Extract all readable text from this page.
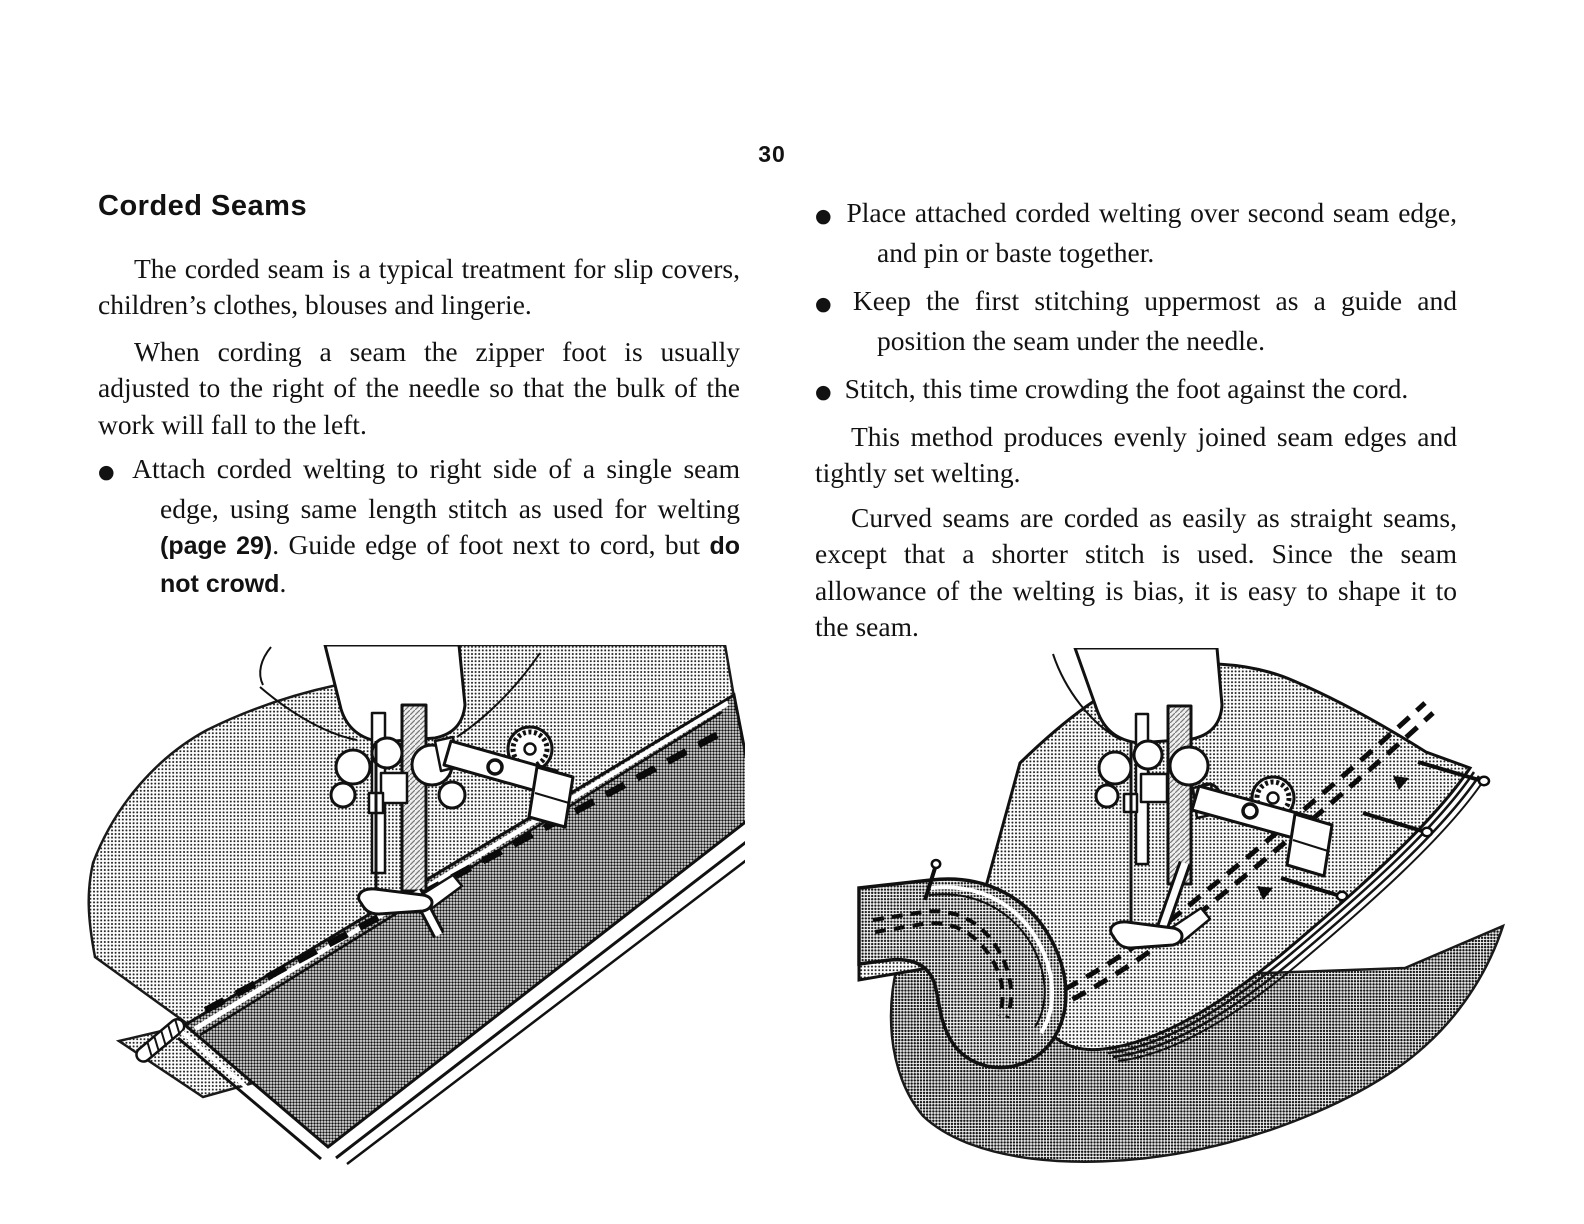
30
Corded Seams

The corded seam is a typical treatment for slip covers, children’s clothes, blouses and lingerie.

When cording a seam the zipper foot is usually adjusted to the right of the needle so that the bulk of the work will fall to the left.

● Attach corded welting to right side of a single seam edge, using same length stitch as used for welting (page 29). Guide edge of foot next to cord, but do not crowd.

● Place attached corded welting over second seam edge, and pin or baste together.

● Keep the first stitching uppermost as a guide and position the seam under the needle.

● Stitch, this time crowding the foot against the cord.

This method produces evenly joined seam edges and tightly set welting.

Curved seams are corded as easily as straight seams, except that a shorter stitch is used. Since the seam allowance of the welting is bias, it is easy to shape it to the seam.
